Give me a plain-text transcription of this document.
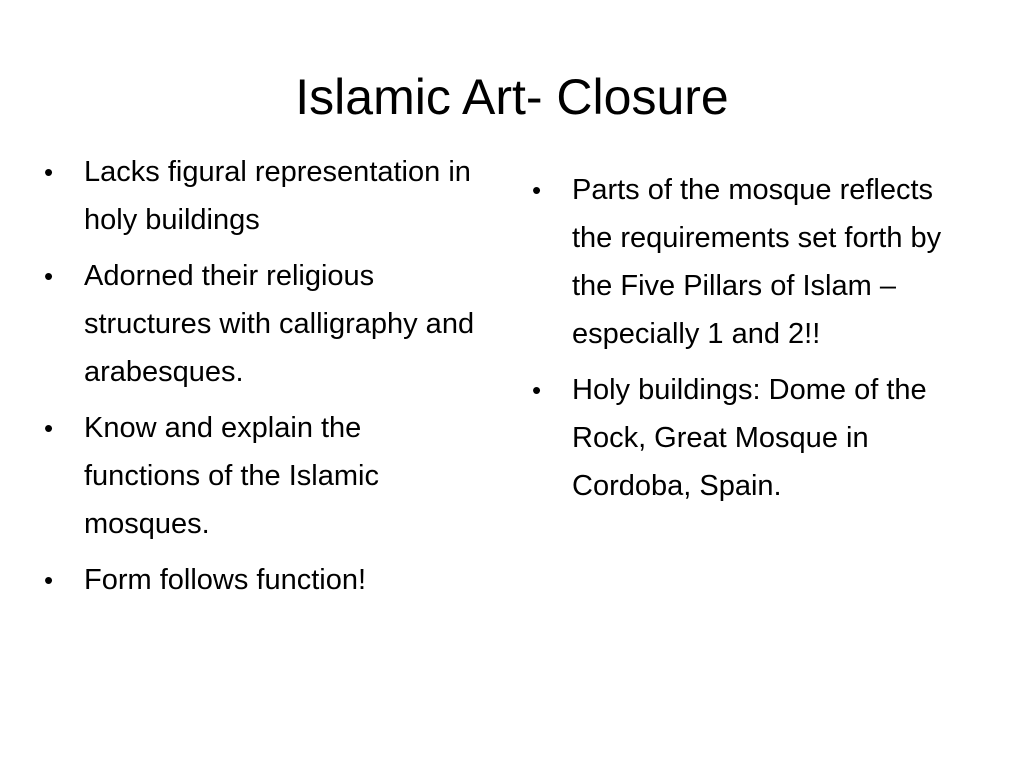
Islamic Art- Closure
• Lacks figural representation in holy buildings
• Adorned their religious structures with calligraphy and arabesques.
• Know and explain the functions of the Islamic mosques.
• Form follows function!
• Parts of the mosque reflects the requirements set forth by the Five Pillars of Islam – especially 1 and 2!!
• Holy buildings: Dome of the Rock, Great Mosque in Cordoba, Spain.
